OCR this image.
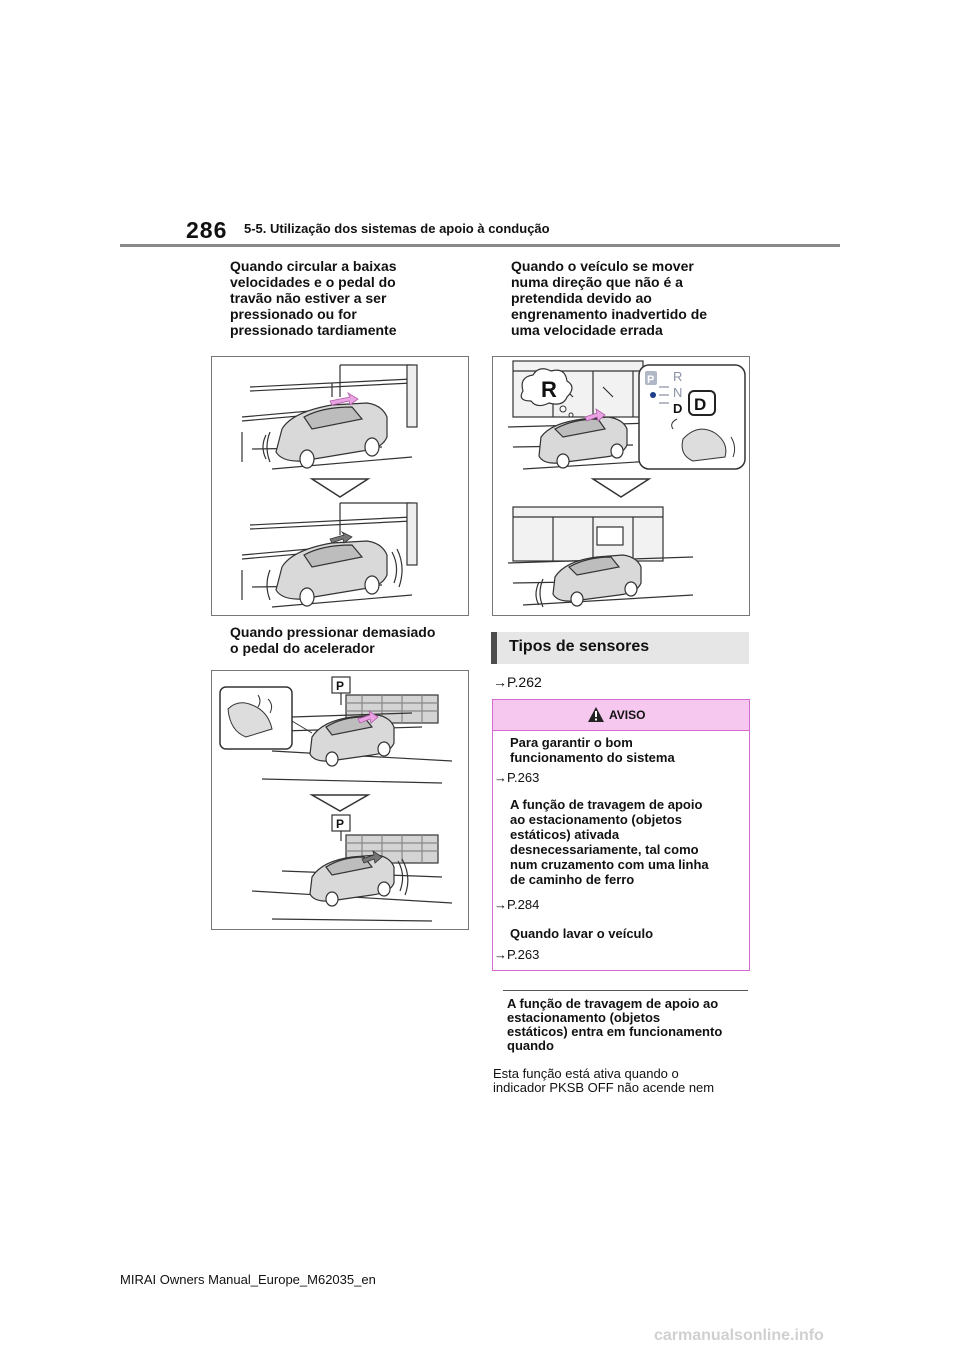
286 5-5. Utilização dos sistemas de apoio à condução
Quando circular a baixas
velocidades e o pedal do
travão não estiver a ser
pressionado ou for
pressionado tardiamente
Quando o veículo se mover
numa direção que não é a
pretendida devido ao
engrenamento inadvertido de
uma velocidade errada
R	P R
N
D D
Quando pressionar demasiado
o pedal do acelerador
P
P
Tipos de sensores
→P.262
AVISO
Para garantir o bom
funcionamento do sistema
→P.263
A função de travagem de apoio
ao estacionamento (objetos
estáticos) ativada
desnecessariamente, tal como
num cruzamento com uma linha
de caminho de ferro
→P.284
Quando lavar o veículo
→P.263
A função de travagem de apoio ao
estacionamento (objetos
estáticos) entra em funcionamento
quando
Esta função está ativa quando o
indicador PKSB OFF não acende nem
MIRAI Owners Manual_Europe_M62035_en
carmanualsonline.info
